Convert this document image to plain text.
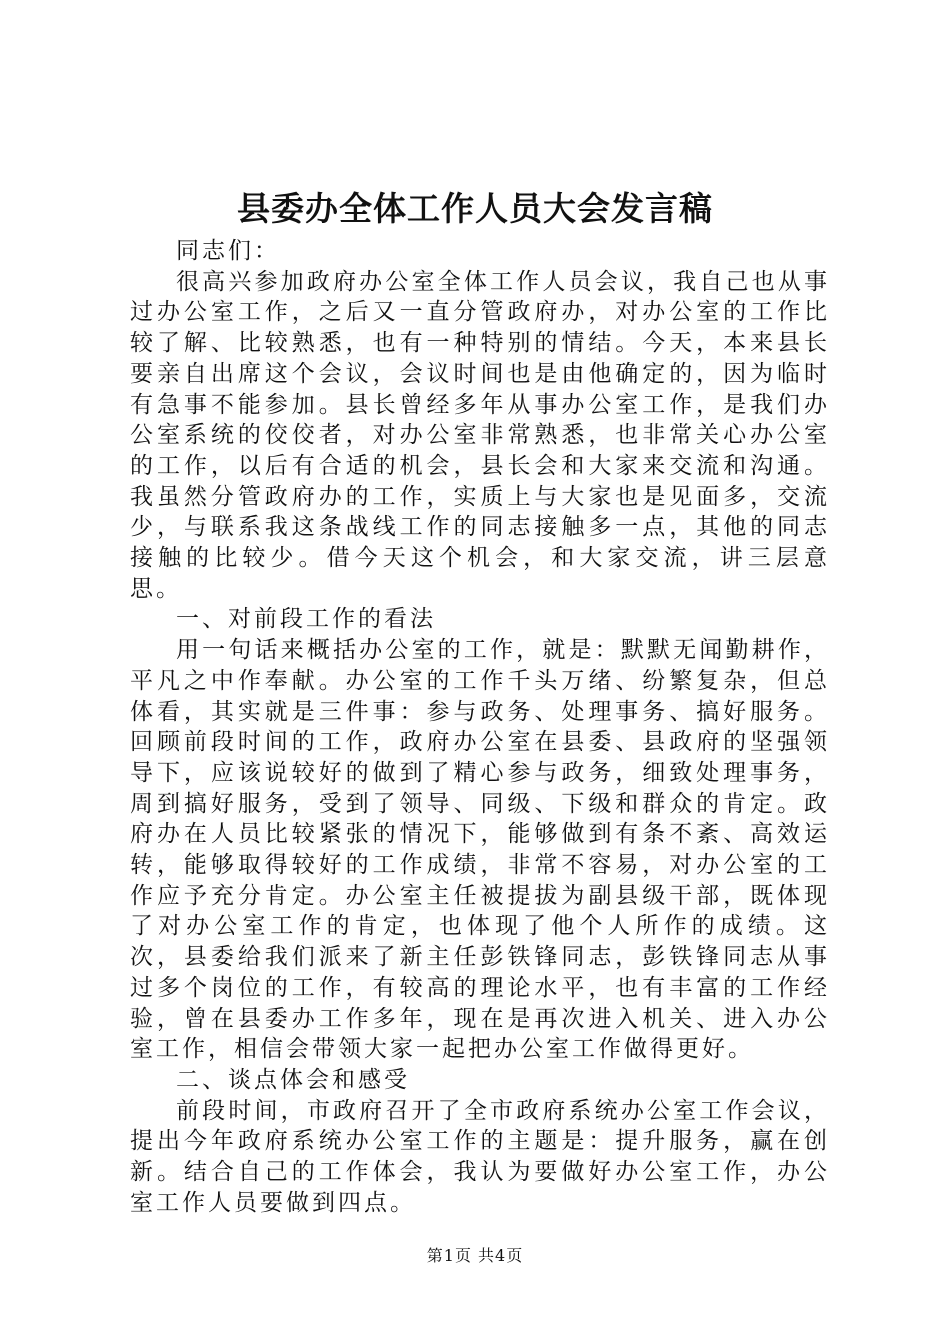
县委办全体工作人员大会发言稿

同志们：

很高兴参加政府办公室全体工作人员会议，我自己也从事过办公室工作，之后又一直分管政府办，对办公室的工作比较了解、比较熟悉，也有一种特别的情结。今天，本来县长要亲自出席这个会议，会议时间也是由他确定的，因为临时有急事不能参加。县长曾经多年从事办公室工作，是我们办公室系统的佼佼者，对办公室非常熟悉，也非常关心办公室的工作，以后有合适的机会，县长会和大家来交流和沟通。我虽然分管政府办的工作，实质上与大家也是见面多，交流少，与联系我这条战线工作的同志接触多一点，其他的同志接触的比较少。借今天这个机会，和大家交流，讲三层意思。

一、对前段工作的看法

用一句话来概括办公室的工作，就是：默默无闻勤耕作，平凡之中作奉献。办公室的工作千头万绪、纷繁复杂，但总体看，其实就是三件事：参与政务、处理事务、搞好服务。回顾前段时间的工作，政府办公室在县委、县政府的坚强领导下，应该说较好的做到了精心参与政务，细致处理事务，周到搞好服务，受到了领导、同级、下级和群众的肯定。政府办在人员比较紧张的情况下，能够做到有条不紊、高效运转，能够取得较好的工作成绩，非常不容易，对办公室的工作应予充分肯定。办公室主任被提拔为副县级干部，既体现了对办公室工作的肯定，也体现了他个人所作的成绩。这次，县委给我们派来了新主任彭铁锋同志，彭铁锋同志从事过多个岗位的工作，有较高的理论水平，也有丰富的工作经验，曾在县委办工作多年，现在是再次进入机关、进入办公室工作，相信会带领大家一起把办公室工作做得更好。

二、谈点体会和感受

前段时间，市政府召开了全市政府系统办公室工作会议，提出今年政府系统办公室工作的主题是：提升服务，赢在创新。结合自己的工作体会，我认为要做好办公室工作，办公室工作人员要做到四点。

第1页 共4页
